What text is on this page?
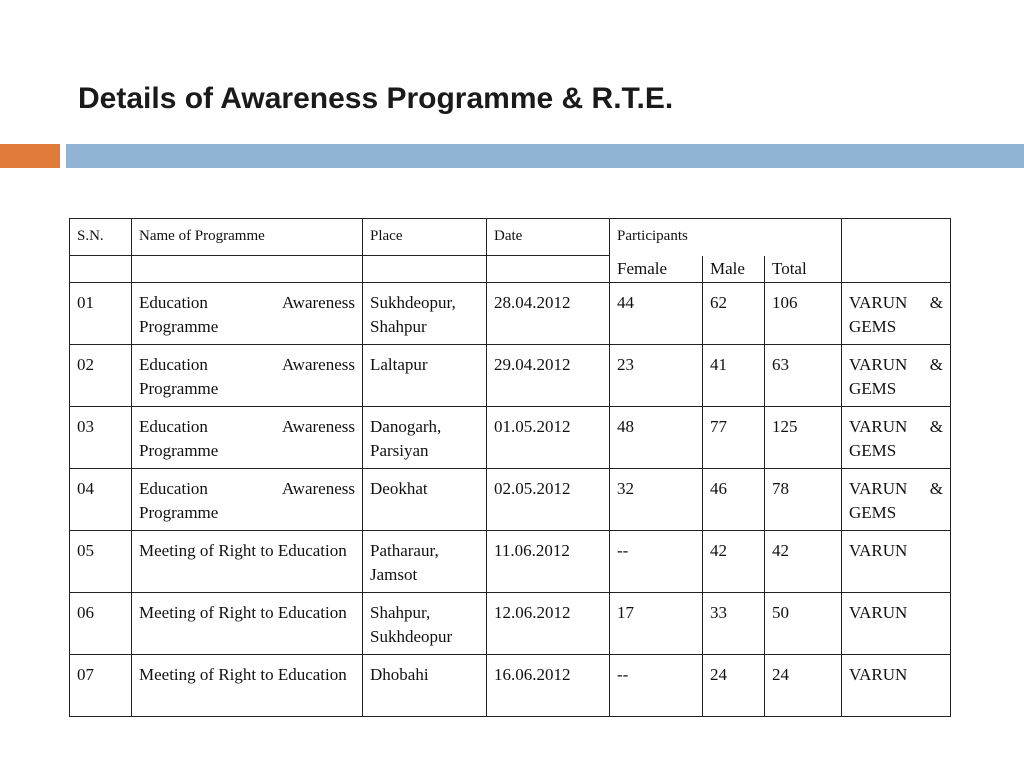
Details of Awareness Programme & R.T.E.
S.N.	Name of Programme	Place	Date	Participants			
				Female	Male	Total	
01	Education Awareness Programme	Sukhdeopur, Shahpur	28.04.2012	44	62	106	VARUN & GEMS
02	Education Awareness Programme	Laltapur	29.04.2012	23	41	63	VARUN & GEMS
03	Education Awareness Programme	Danogarh, Parsiyan	01.05.2012	48	77	125	VARUN & GEMS
04	Education Awareness Programme	Deokhat	02.05.2012	32	46	78	VARUN & GEMS
05	Meeting of Right to Education	Patharaur, Jamsot	11.06.2012	--	42	42	VARUN
06	Meeting of Right to Education	Shahpur, Sukhdeopur	12.06.2012	17	33	50	VARUN
07	Meeting of Right to Education	Dhobahi	16.06.2012	--	24	24	VARUN
